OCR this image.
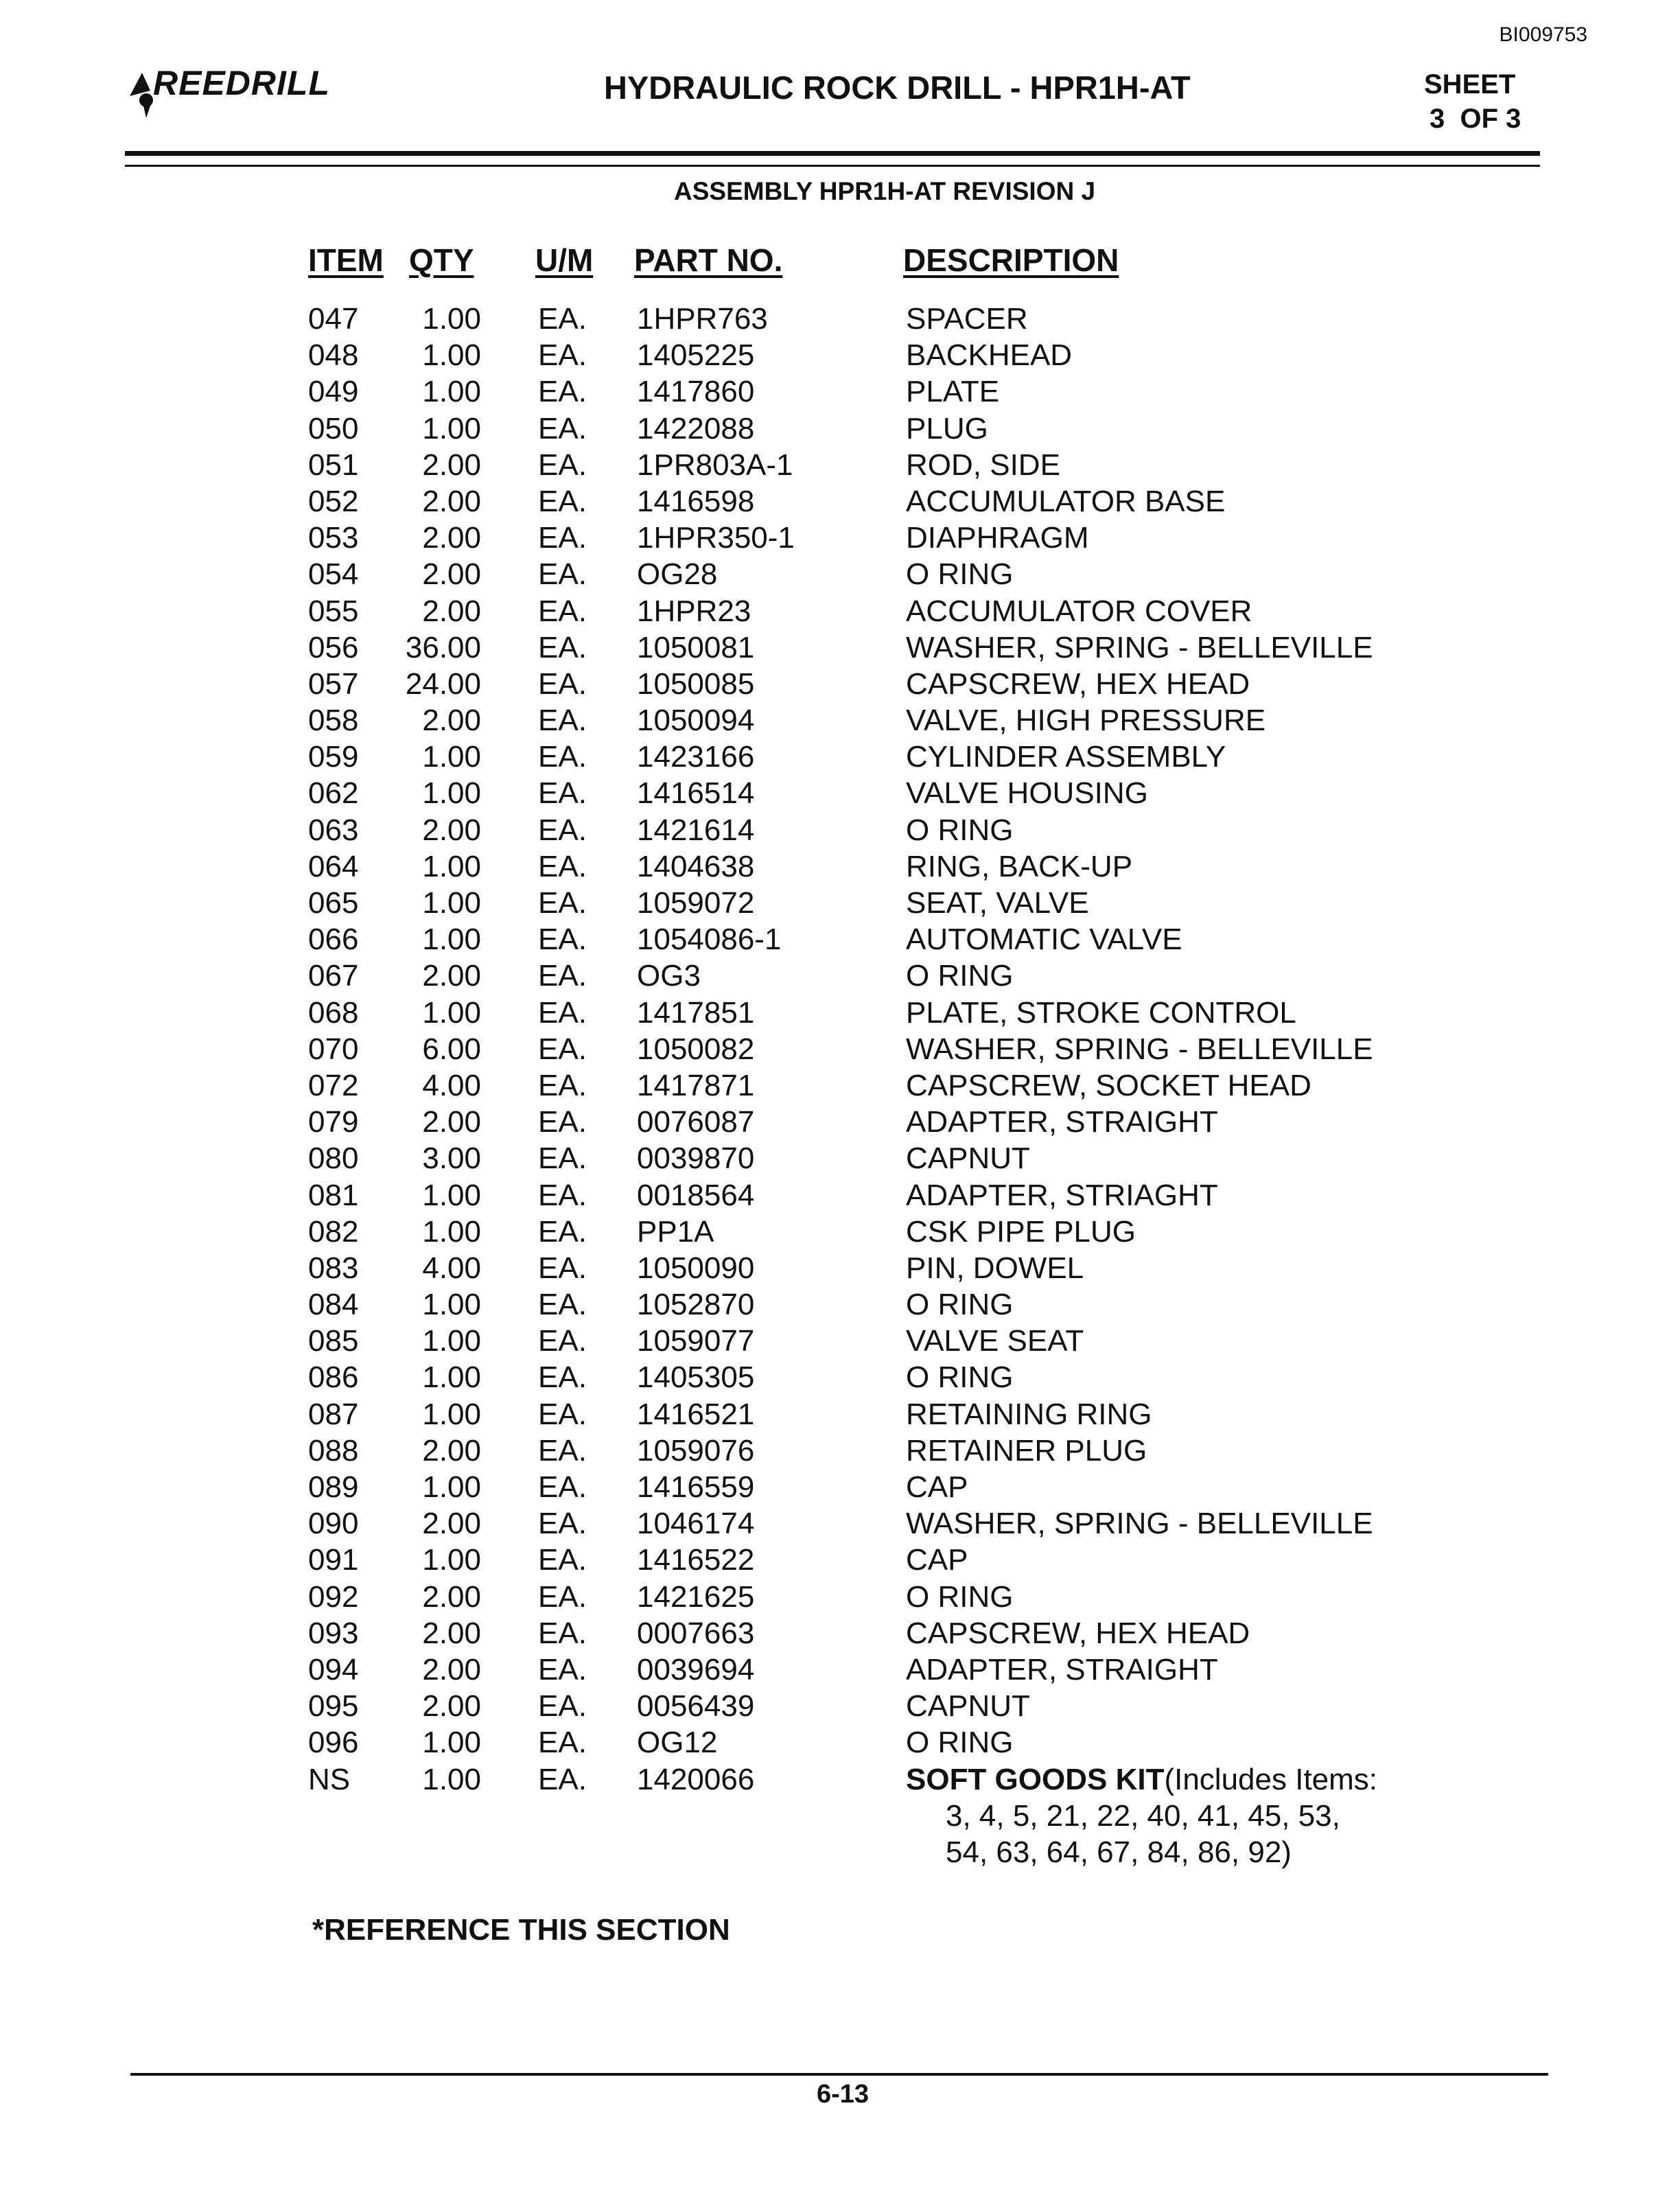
BI009753
REEDRILL	HYDRAULIC ROCK DRILL - HPR1H-AT	SHEET
3  OF 3
ASSEMBLY HPR1H-AT REVISION J
ITEM QTY U/M PART NO.	DESCRIPTION
047	1.00 EA. 1HPR763	SPACER
048	1.00 EA. 1405225	BACKHEAD
049	1.00 EA. 1417860	PLATE
050	1.00 EA. 1422088	PLUG
051	2.00 EA. 1PR803A-1	ROD, SIDE
052	2.00 EA. 1416598	ACCUMULATOR BASE
053	2.00 EA. 1HPR350-1	DIAPHRAGM
054	2.00 EA. OG28	O RING
055	2.00 EA. 1HPR23	ACCUMULATOR COVER
056	36.00 EA. 1050081	WASHER, SPRING - BELLEVILLE
057	24.00 EA. 1050085	CAPSCREW, HEX HEAD
058	2.00 EA. 1050094	VALVE, HIGH PRESSURE
059	1.00 EA. 1423166	CYLINDER ASSEMBLY
062	1.00 EA. 1416514	VALVE HOUSING
063	2.00 EA. 1421614	O RING
064	1.00 EA. 1404638	RING, BACK-UP
065	1.00 EA. 1059072	SEAT, VALVE
066	1.00 EA. 1054086-1	AUTOMATIC VALVE
067	2.00 EA. OG3	O RING
068	1.00 EA. 1417851	PLATE, STROKE CONTROL
070	6.00 EA. 1050082	WASHER, SPRING - BELLEVILLE
072	4.00 EA. 1417871	CAPSCREW, SOCKET HEAD
079	2.00 EA. 0076087	ADAPTER, STRAIGHT
080	3.00 EA. 0039870	CAPNUT
081	1.00 EA. 0018564	ADAPTER, STRIAGHT
082	1.00 EA. PP1A	CSK PIPE PLUG
083	4.00 EA. 1050090	PIN, DOWEL
084	1.00 EA. 1052870	O RING
085	1.00 EA. 1059077	VALVE SEAT
086	1.00 EA. 1405305	O RING
087	1.00 EA. 1416521	RETAINING RING
088	2.00 EA. 1059076	RETAINER PLUG
089	1.00 EA. 1416559	CAP
090	2.00 EA. 1046174	WASHER, SPRING - BELLEVILLE
091	1.00 EA. 1416522	CAP
092	2.00 EA. 1421625	O RING
093	2.00 EA. 0007663	CAPSCREW, HEX HEAD
094	2.00 EA. 0039694	ADAPTER, STRAIGHT
095	2.00 EA. 0056439	CAPNUT
096	1.00 EA. OG12	O RING
NS	1.00 EA. 1420066	SOFT GOODS KIT(Includes Items:
3, 4, 5, 21, 22, 40, 41, 45, 53,
54, 63, 64, 67, 84, 86, 92)
*REFERENCE THIS SECTION
6-13
